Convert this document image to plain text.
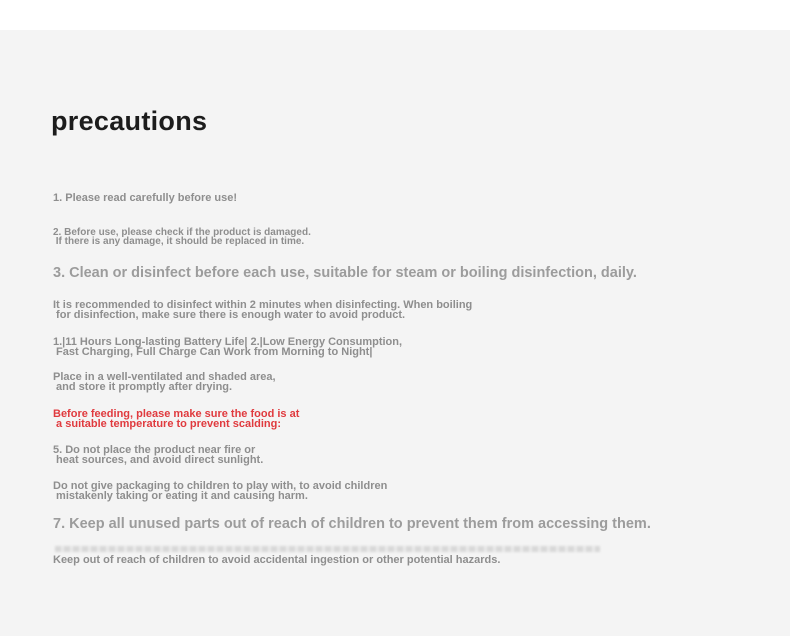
precautions
1. Please read carefully before use!
2. Before use, please check if the product is damaged.
If there is any damage, it should be replaced in time.
3. Clean or disinfect before each use, suitable for steam or boiling disinfection, daily.
It is recommended to disinfect within 2 minutes when disinfecting. When boiling
for disinfection, make sure there is enough water to avoid product.
1.|11 Hours Long-lasting Battery Life| 2.|Low Energy Consumption,
Fast Charging, Full Charge Can Work from Morning to Night|
Place in a well-ventilated and shaded area,
and store it promptly after drying.
Before feeding, please make sure the food is at
a suitable temperature to prevent scalding:
5. Do not place the product near fire or
heat sources, and avoid direct sunlight.
Do not give packaging to children to play with, to avoid children
mistakenly taking or eating it and causing harm.
7. Keep all unused parts out of reach of children to prevent them from accessing them.
Keep out of reach of children to avoid accidental ingestion or other potential hazards.
